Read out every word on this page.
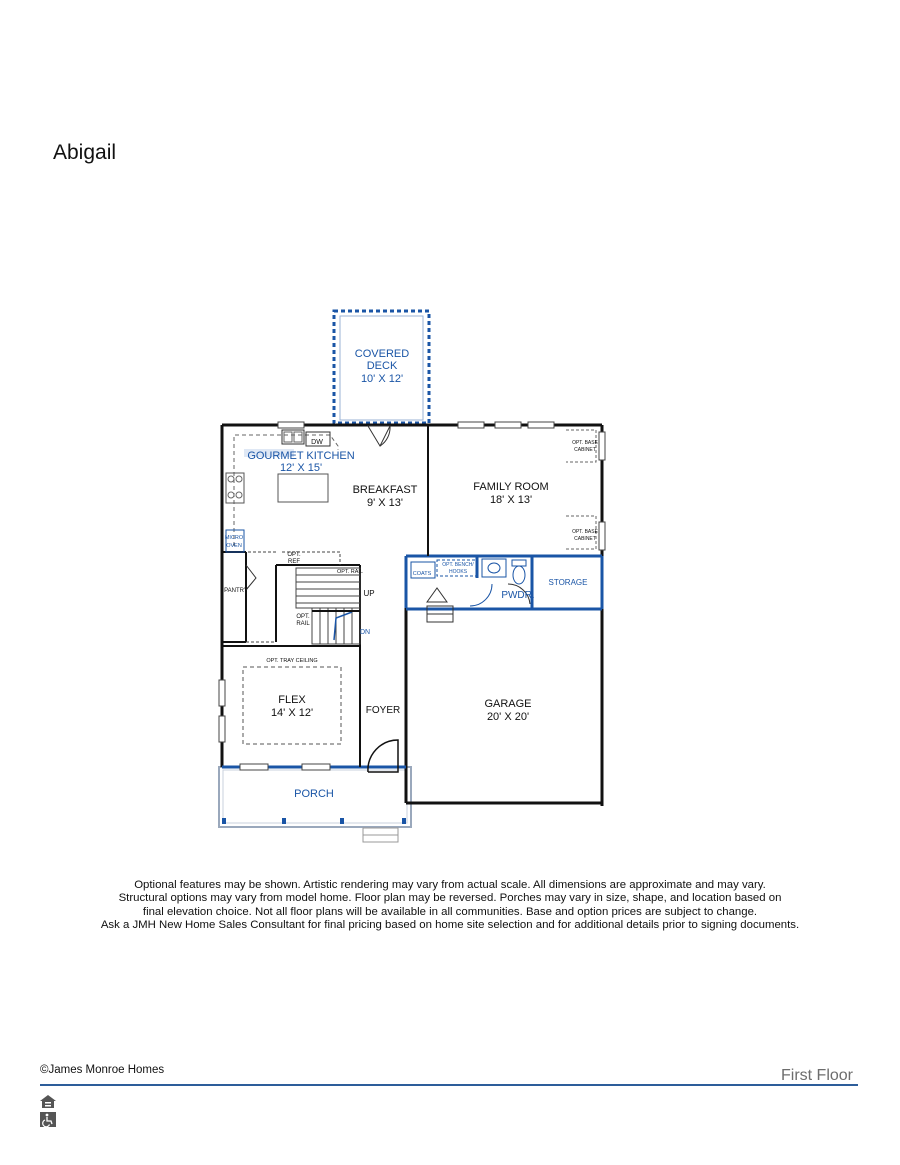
Abigail
COVERED
DECK
10' X 12'
GOURMET KITCHEN
12' X 15'
BREAKFAST
9' X 13'
FAMILY ROOM
18' X 13'
FLEX
14' X 12'
GARAGE
20' X 20'
FOYER
PORCH
PANTRY	PWDR.
STORAGE
COATS
DW
MICRO
OVEN
OPT.
REF
OPT. RAIL
OPT.
RAIL
UP
DN
OPT. BASE
CABINET
OPT. BASE
CABINET
OPT. BENCH/
HOOKS
OPT. TRAY CEILING
Optional features may be shown. Artistic rendering may vary from actual scale. All dimensions are approximate and may vary.
Structural options may vary from model home. Floor plan may be reversed. Porches may vary in size, shape, and location based on
final elevation choice. Not all floor plans will be available in all communities. Base and option prices are subject to change.
Ask a JMH New Home Sales Consultant for final pricing based on home site selection and for additional details prior to signing documents.
©James Monroe Homes	First Floor
